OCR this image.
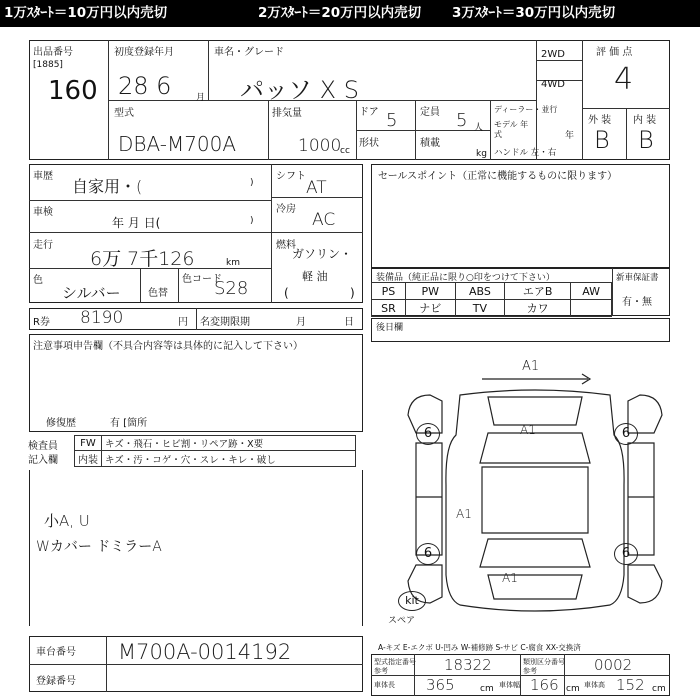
1万ｽﾀｰﾄ＝10万円以内売切	2万ｽﾀｰﾄ＝20万円以内売切 3万ｽﾀｰﾄ＝30万円以内売切
出品番号
[1885]
160
初度登録年月
28 6	月
車名・グレード
パッソ X S
2WD
4WD
評 価 点
4
型式
DBA-M700A
排気量
1000
cc
ドア 5 定員 5 人
形状	積載
kg
ディーラー・並行
モデル 年式	年
ハンドル 左・右
外 装 内 装
B B
車歴
自家用・(	)
車検
年 月 日(	)
走行
6万 7千126	km
色
シルバー	色替
色コード
S28
シフト
AT
冷房
AC
燃料
ガソリン・
軽 油
(	)
R券 8190	円 名変期限期	月	日
セールスポイント（正常に機能するものに限ります）
装備品（純正品に限り○印をつけて下さい）	新車保証書
有・無
PS	PW	ABS	エアB	AW
SR	ナビ	TV	カワ	
注意事項申告欄（不具合内容等は具体的に記入して下さい）
修復歴	有 [箇所
後日欄
検査員
記入欄
FW	キズ・飛石・ヒビ割・リペア跡・X要
内装	キズ・汚・コゲ・穴・スレ・キレ・破し
小A, U
Wカバー ドミラーA
A1
A1
A1
A1
6	6
6	6
kit
スペア
車台番号 M700A-0014192
登録番号
A-キズ E-エクボ U-凹み W-補修跡 S-サビ C-腐食 XX-交換済
型式指定番号
参考	18322	類別区分番号
参考	0002
車体長 365	cm 車体幅 166 cm 車体高 152 cm
